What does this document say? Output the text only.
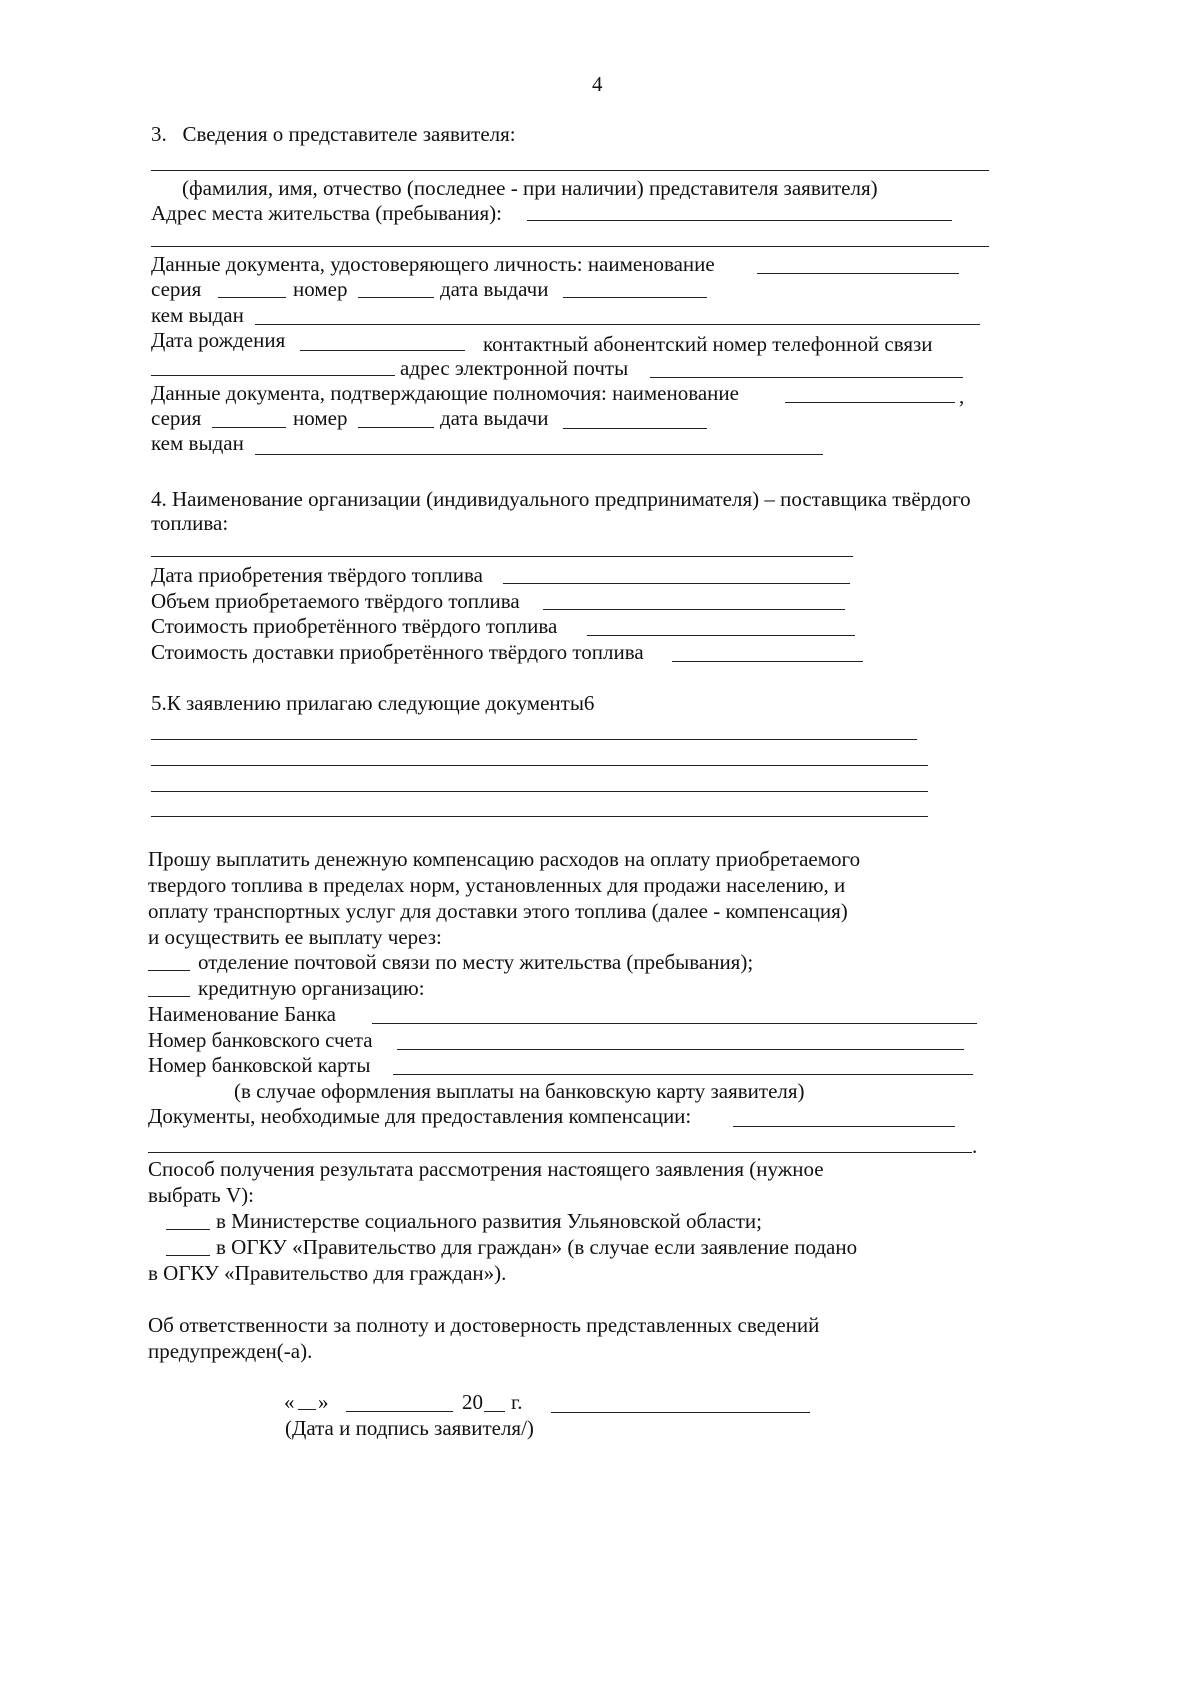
4
3.   Сведения о представителе заявителя:
(фамилия, имя, отчество (последнее - при наличии) представителя заявителя)
Адрес места жительства (пребывания):
Данные документа, удостоверяющего личность: наименование
серия	номер	дата выдачи
кем выдан
Дата рождения	контактный абонентский номер телефонной связи
адрес электронной почты
Данные документа, подтверждающие полномочия: наименование	,
серия	номер	дата выдачи
кем выдан
4. Наименование организации (индивидуального предпринимателя) – поставщика твёрдого
топлива:
Дата приобретения твёрдого топлива
Объем приобретаемого твёрдого топлива
Стоимость приобретённого твёрдого топлива
Стоимость доставки приобретённого твёрдого топлива
5.К заявлению прилагаю следующие документы6
Прошу выплатить денежную компенсацию расходов на оплату приобретаемого
твердого топлива в пределах норм, установленных для продажи населению, и
оплату транспортных услуг для доставки этого топлива (далее - компенсация)
и осуществить ее выплату через:
отделение почтовой связи по месту жительства (пребывания);
кредитную организацию:
Наименование Банка
Номер банковского счета
Номер банковской карты
(в случае оформления выплаты на банковскую карту заявителя)
Документы, необходимые для предоставления компенсации:
.
Способ получения результата рассмотрения настоящего заявления (нужное
выбрать V):
в Министерстве социального развития Ульяновской области;
в ОГКУ «Правительство для граждан» (в случае если заявление подано
в ОГКУ «Правительство для граждан»).
Об ответственности за полноту и достоверность представленных сведений
предупрежден(-а).
« »	20 г.
(Дата и подпись заявителя/)
